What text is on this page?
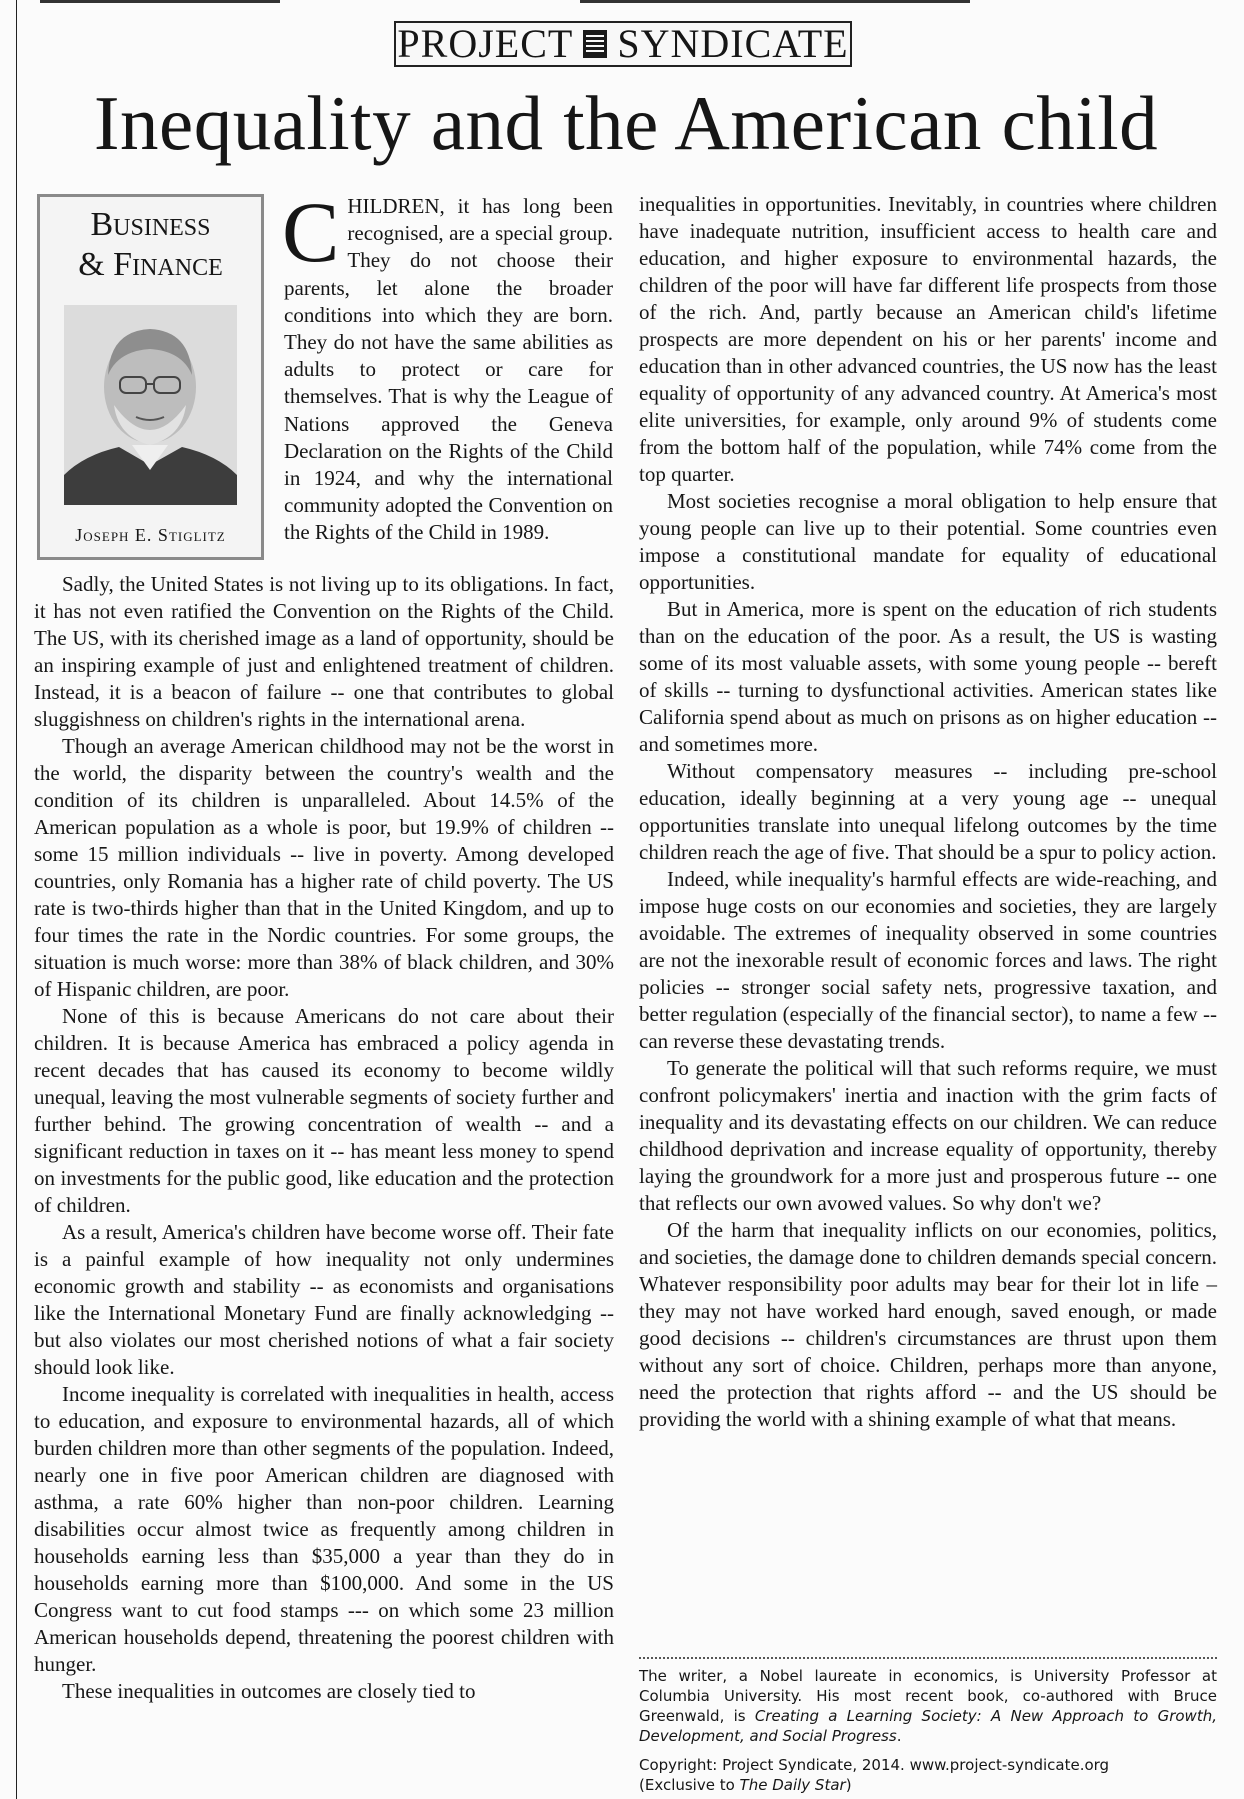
PROJECT SYNDICATE
Inequality and the American child
Business
& Finance
Joseph E. Stiglitz
CHILDREN, it has long been recognised, are a special group. They do not choose their parents, let alone the broader conditions into which they are born. They do not have the same abilities as adults to protect or care for themselves. That is why the League of Nations approved the Geneva Declaration on the Rights of the Child in 1924, and why the international community adopted the Convention on the Rights of the Child in 1989.

Sadly, the United States is not living up to its obligations. In fact, it has not even ratified the Convention on the Rights of the Child. The US, with its cherished image as a land of opportunity, should be an inspiring example of just and enlightened treatment of children. Instead, it is a beacon of failure -- one that contributes to global sluggishness on children's rights in the international arena.

Though an average American childhood may not be the worst in the world, the disparity between the country's wealth and the condition of its children is unparalleled. About 14.5% of the American population as a whole is poor, but 19.9% of children -- some 15 million individuals -- live in poverty. Among developed countries, only Romania has a higher rate of child poverty. The US rate is two-thirds higher than that in the United Kingdom, and up to four times the rate in the Nordic countries. For some groups, the situation is much worse: more than 38% of black children, and 30% of Hispanic children, are poor.

None of this is because Americans do not care about their children. It is because America has embraced a policy agenda in recent decades that has caused its economy to become wildly unequal, leaving the most vulnerable segments of society further and further behind. The growing concentration of wealth -- and a significant reduction in taxes on it -- has meant less money to spend on investments for the public good, like education and the protection of children.

As a result, America's children have become worse off. Their fate is a painful example of how inequality not only undermines economic growth and stability -- as economists and organisations like the International Monetary Fund are finally acknowledging -- but also violates our most cherished notions of what a fair society should look like.

Income inequality is correlated with inequalities in health, access to education, and exposure to environmental hazards, all of which burden children more than other segments of the population. Indeed, nearly one in five poor American children are diagnosed with asthma, a rate 60% higher than non-poor children. Learning disabilities occur almost twice as frequently among children in households earning less than $35,000 a year than they do in households earning more than $100,000. And some in the US Congress want to cut food stamps --- on which some 23 million American households depend, threatening the poorest children with hunger.

These inequalities in outcomes are closely tied to

inequalities in opportunities. Inevitably, in countries where children have inadequate nutrition, insufficient access to health care and education, and higher exposure to environmental hazards, the children of the poor will have far different life prospects from those of the rich. And, partly because an American child's lifetime prospects are more dependent on his or her parents' income and education than in other advanced countries, the US now has the least equality of opportunity of any advanced country. At America's most elite universities, for example, only around 9% of students come from the bottom half of the population, while 74% come from the top quarter.

Most societies recognise a moral obligation to help ensure that young people can live up to their potential. Some countries even impose a constitutional mandate for equality of educational opportunities.

But in America, more is spent on the education of rich students than on the education of the poor. As a result, the US is wasting some of its most valuable assets, with some young people -- bereft of skills -- turning to dysfunctional activities. American states like California spend about as much on prisons as on higher education -- and sometimes more.

Without compensatory measures -- including pre-school education, ideally beginning at a very young age -- unequal opportunities translate into unequal lifelong outcomes by the time children reach the age of five. That should be a spur to policy action.

Indeed, while inequality's harmful effects are wide-reaching, and impose huge costs on our economies and societies, they are largely avoidable. The extremes of inequality observed in some countries are not the inexorable result of economic forces and laws. The right policies -- stronger social safety nets, progressive taxation, and better regulation (especially of the financial sector), to name a few -- can reverse these devastating trends.

To generate the political will that such reforms require, we must confront policymakers' inertia and inaction with the grim facts of inequality and its devastating effects on our children. We can reduce childhood deprivation and increase equality of opportunity, thereby laying the groundwork for a more just and prosperous future -- one that reflects our own avowed values. So why don't we?

Of the harm that inequality inflicts on our economies, politics, and societies, the damage done to children demands special concern. Whatever responsibility poor adults may bear for their lot in life – they may not have worked hard enough, saved enough, or made good decisions -- children's circumstances are thrust upon them without any sort of choice. Children, perhaps more than anyone, need the protection that rights afford -- and the US should be providing the world with a shining example of what that means.

The writer, a Nobel laureate in economics, is University Professor at Columbia University. His most recent book, co-authored with Bruce Greenwald, is Creating a Learning Society: A New Approach to Growth, Development, and Social Progress.

Copyright: Project Syndicate, 2014. www.project-syndicate.org

(Exclusive to The Daily Star)
